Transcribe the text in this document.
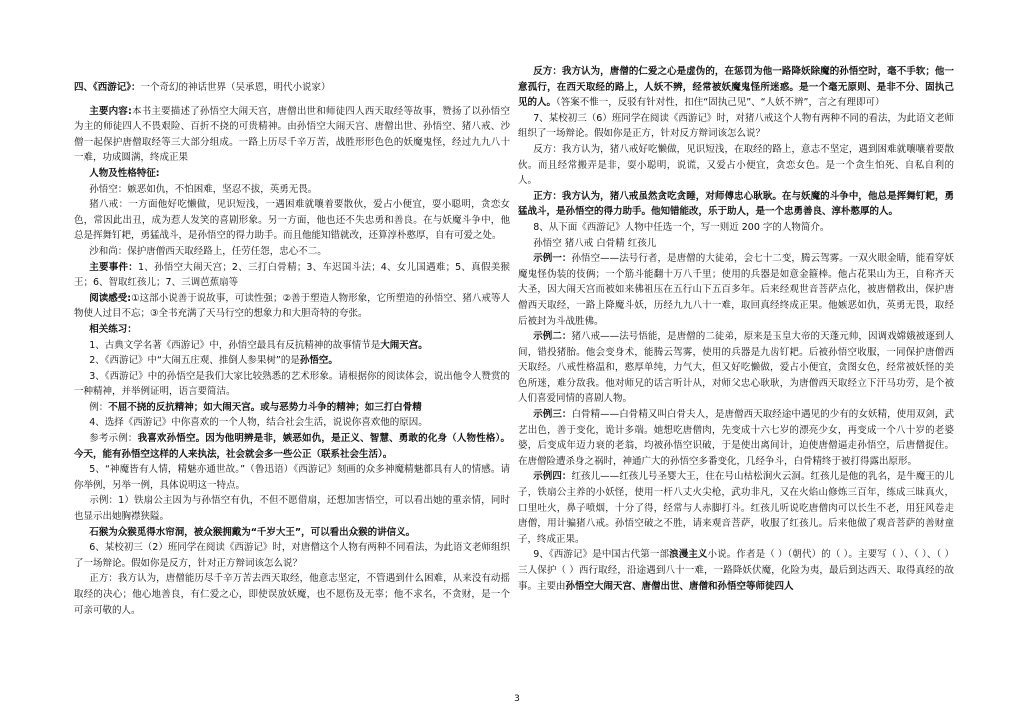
四、《西游记》：一个奇幻的神话世界（吴承恩，明代小说家）

主要内容:本书主要描述了孙悟空大闹天宫，唐僧出世和师徒四人西天取经等故事，赞扬了以孙悟空为主的师徒四人不畏艰险、百折不挠的可贵精神。由孙悟空大闹天宫、唐僧出世、孙悟空、猪八戒、沙僧一起保护唐僧取经等三大部分组成。一路上历尽千辛万苦，战胜形形色色的妖魔鬼怪，经过九九八十一难，功成圆满，终成正果

人物及性格特征:

孙悟空：嫉恶如仇，不怕困难，坚忍不拔，英勇无畏。

猪八戒：一方面他好吃懒做，见识短浅，一遇困难就嚷着要散伙，爱占小便宜，耍小聪明，贪恋女色，常因此出丑，成为惹人发笑的喜剧形象。另一方面，他也还不失忠勇和善良。在与妖魔斗争中，他总是挥舞钉耙，勇猛战斗，是孙悟空的得力助手。而且他能知错就改，还算淳朴憨厚，自有可爱之处。

沙和尚：保护唐僧西天取经路上，任劳任怨，忠心不二。

主要事件：1、孙悟空大闹天宫；2、三打白骨精；3、车迟国斗法；4、女儿国遇难；5、真假美猴王；6、智取红孩儿；7、三调芭蕉扇等

阅读感受:①这部小说善于说故事，可读性强；②善于塑造人物形象，它所塑造的孙悟空、猪八戒等人物使人过目不忘；③全书充满了天马行空的想象力和大胆奇特的夸张。

相关练习：

1、古典文学名著《西游记》中，孙悟空最具有反抗精神的故事情节是大闹天宫。

2、《西游记》中“大闹五庄观、推倒人参果树”的是孙悟空。

3、《西游记》中的孙悟空是我们大家比较熟悉的艺术形象。请根据你的阅读体会，说出他令人赞赏的一种精神，并举例证明，语言要简洁。

例：不屈不挠的反抗精神；如大闹天宫。或与恶势力斗争的精神；如三打白骨精

4、选择《西游记》中你喜欢的一个人物，结合社会生活，说说你喜欢他的原因。

参考示例：我喜欢孙悟空。因为他明辨是非，嫉恶如仇，是正义、智慧、勇敢的化身（人物性格）。今天，能有孙悟空这样的人来执法，社会就会多一些公正（联系社会生活）。

5、“神魔皆有人情，精魅亦通世故。”（鲁迅语）《西游记》刻画的众多神魔精魅都具有人的情感。请你举例，另举一例，具体说明这一特点。

示例：1）铁扇公主因为与孙悟空有仇，不但不愿借扇，还想加害悟空，可以看出她的重亲情，同时也显示出她胸襟狭隘。

石猴为众猴觅得水帘洞，被众猴拥戴为“千岁大王”，可以看出众猴的讲信义。

6、某校初三（2）班同学在阅读《西游记》时，对唐僧这个人物有两种不同看法，为此语文老师组织了一场辩论。假如你是反方，针对正方辩词该怎么说？

正方：我方认为，唐僧能历尽千辛万苦去西天取经，他意志坚定，不管遇到什么困难，从来没有动摇取经的决心；他心地善良，有仁爱之心，即使误放妖魔，也不愿伤及无辜；他不求名，不贪财，是一个可亲可敬的人。

反方：我方认为，唐僧的仁爱之心是虚伪的，在惩罚为他一路降妖除魔的孙悟空时，毫不手软；他一意孤行，在西天取经的路上，人妖不辨，经常被妖魔鬼怪所迷惑。是一个毫无原则、是非不分、固执己见的人。（答案不惟一，反驳有针对性，扣住“固执己见”、“人妖不辨”，言之有理即可）

7、某校初三（6）班同学在阅读《西游记》时，对猪八戒这个人物有两种不同的看法，为此语文老师组织了一场辩论。假如你是正方，针对反方辩词该怎么说？

反方：我方认为，猪八戒好吃懒做，见识短浅，在取经的路上，意志不坚定，遇到困难就嚷嚷着要散伙。而且经常搬弄是非，耍小聪明，说谎，又爱占小便宜，贪恋女色。是一个贪生怕死、自私自利的人。

正方：我方认为，猪八戒虽然贪吃贪睡，对师傅忠心耿耿。在与妖魔的斗争中，他总是挥舞钉耙，勇猛战斗，是孙悟空的得力助手。他知错能改，乐于助人，是一个忠勇善良、淳朴憨厚的人。

8、从下面《西游记》人物中任选一个，写一则近 200 字的人物简介。

孙悟空 猪八戒 白骨精 红孩儿

示例一：孙悟空——法号行者，是唐僧的大徒弟，会七十二变，腾云驾雾。一双火眼金睛，能看穿妖魔鬼怪伪装的伎俩；一个筋斗能翻十万八千里；使用的兵器是如意金箍棒。他占花果山为王，自称齐天大圣，因大闹天宫而被如来佛祖压在五行山下五百多年。后来经观世音菩萨点化，被唐僧救出，保护唐僧西天取经，一路上降魔斗妖，历经九九八十一难，取回真经终成正果。他嫉恶如仇，英勇无畏，取经后被封为斗战胜佛。

示例二：猪八戒——法号悟能，是唐僧的二徒弟，原来是玉皇大帝的天蓬元帅，因调戏嫦娥被逐到人间，错投猪胎。他会变身术，能腾云驾雾，使用的兵器是九齿钉耙。后被孙悟空收服，一同保护唐僧西天取经。八戒性格温和，憨厚单纯，力气大，但又好吃懒做，爱占小便宜，贪图女色，经常被妖怪的美色所迷，难分敌我。他对师兄的话言听计从，对师父忠心耿耿，为唐僧西天取经立下汗马功劳，是个被人们喜爱同情的喜剧人物。

示例三：白骨精——白骨精又叫白骨夫人，是唐僧西天取经途中遇见的少有的女妖精，使用双剑，武艺出色，善于变化，诡计多端。她想吃唐僧肉，先变成十六七岁的漂亮少女，再变成一个八十岁的老婆婆，后变成年迈力衰的老翁，均被孙悟空识破，于是使出离间计，迫使唐僧逼走孙悟空，后唐僧捉住。在唐僧险遭杀身之祸时，神通广大的孙悟空多番变化，几经争斗，白骨精终于被打得露出原形。

示例四：红孩儿——红孩儿号圣婴大王，住在号山枯松涧火云洞。红孩儿是他的乳名，是牛魔王的儿子，铁扇公主养的小妖怪，使用一杆八丈火尖枪，武功非凡，又在火焰山修炼三百年，练成三昧真火，口里吐火，鼻子喷烟，十分了得，经常与人赤脚打斗。红孩儿听说吃唐僧肉可以长生不老，用狂风卷走唐僧，用计骗猪八戒。孙悟空破之不胜，请来观音菩萨，收服了红孩儿。后来他做了观音菩萨的善财童子，终成正果。

9、《西游记》是中国古代第一部浪漫主义小说。作者是（ ）（朝代）的（ ）。主要写（ ）、（ ）、（ ）三人保护（ ）西行取经，沿途遇到八十一难，一路降妖伏魔，化险为夷，最后到达西天、取得真经的故事。主要由孙悟空大闹天宫、唐僧出世、唐僧和孙悟空等师徒四人

3
